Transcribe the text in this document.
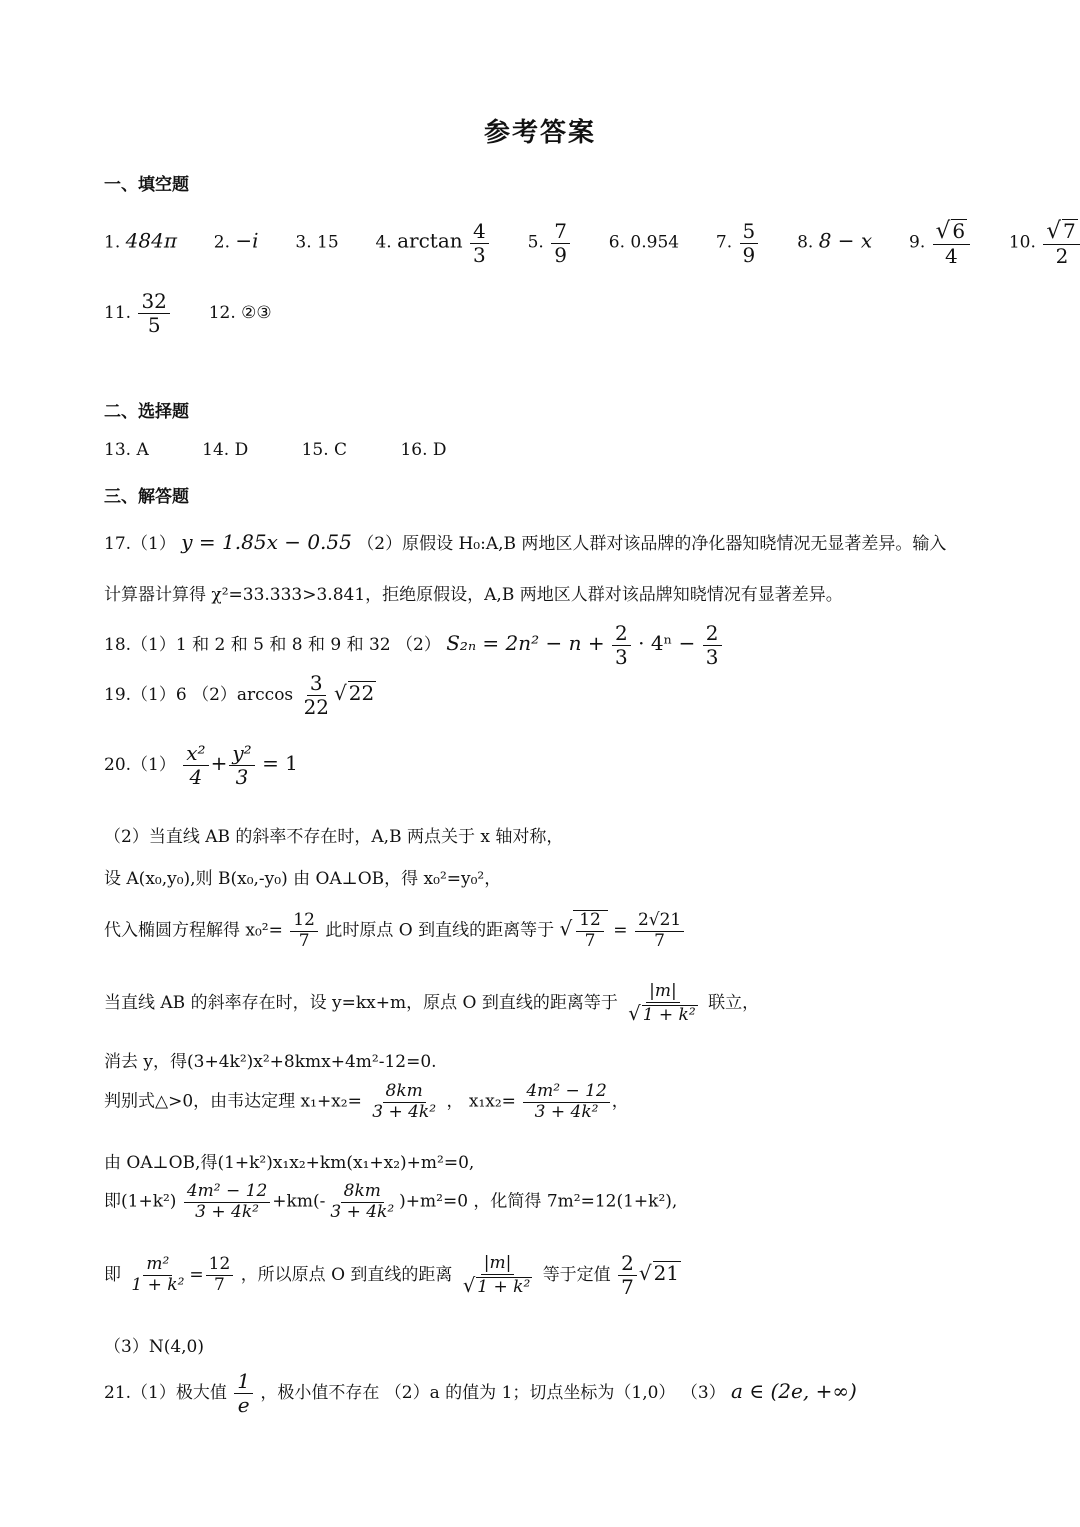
参考答案
一、填空题
1. 484π 2. −i 3. 15 4. $\arctan \frac{4}{3} 5$. $\frac{7}{9} 6$. 0.954 7. $\frac{5}{9} 8$. 8 − x 9. $\frac{√ 6}{4} 10$. $\frac{√ 7}{2}$
11. $\frac{32}{5} 12$. ②③
二、选择题
13. A	14. D	15. C	16. D
三、解答题
17.（1） y = 1.85x − 0.55 （2）原假设 H₀:A,B 两地区人群对该品牌的净化器知晓情况无显著差异。输入
计算器计算得 χ²=33.333>3.841，拒绝原假设，A,B 两地区人群对该品牌知晓情况有显著差异。
18.（1）1 和 2 和 5 和 8 和 9 和 32 （2） $S_{2n} = 2n^2 - n + \frac{2}{3} \cdot 4^n - \frac{2}{3}$
19.（1）6 $(2)\arccos \frac{3}{22}$ √ 22
$20.(1) \frac{\text{x²}}{4} + \frac{\text{y²}}{3} = 1$
（2）当直线 AB 的斜率不存在时，A,B 两点关于 x 轴对称，
设 A(x₀,y₀),则 B(x₀,-y₀) 由 OA⊥OB，得 x₀²=y₀²，
代入椭圆方程解得 $x_0^2= \frac{12}{7}$ 此时原点 O 到直线的距离等于 √ $\frac{12}{7} = \frac{2√21}{7}$
当直线 AB 的斜率存在时，设 y=kx+m，原点 O 到直线的距离等于 $\frac{|m|}{\text{√ 1 + k²}}$ 联立，
消去 y，得(3+4k²)x²+8kmx+4m²-12=0.
判别式△>0，由韦达定理 $x_1+x_2= \frac{8km}{\text{3 + 4k²}}$ ， $x_1x_2= \frac{\text{4m² − 12}}{\text{3 + 4k²}}$ ，
由 OA⊥OB,得(1+k²)x₁x₂+km(x₁+x₂)+m²=0,
即$(1+k^2) \frac{\text{4m² − 12}}{\text{3 + 4k²}} +km(- \frac{8km}{\text{3 + 4k²}} )+m^2=0$ ，化简得 7m²=12(1+k²),
即 $\frac{\text{m²}}{\text{1 + k²}} = \frac{12}{7}$ ，所以原点 O 到直线的距离 $\frac{|m|}{\text{√ 1 + k²}}$ 等于定值 $\frac{2}{7}$ √ 21
（3）N(4,0)
21.（1）极大值 $\frac{1}{e}$ ，极小值不存在 （2）a 的值为 1；切点坐标为（1,0） （3） a ∈ (2e, +∞)
